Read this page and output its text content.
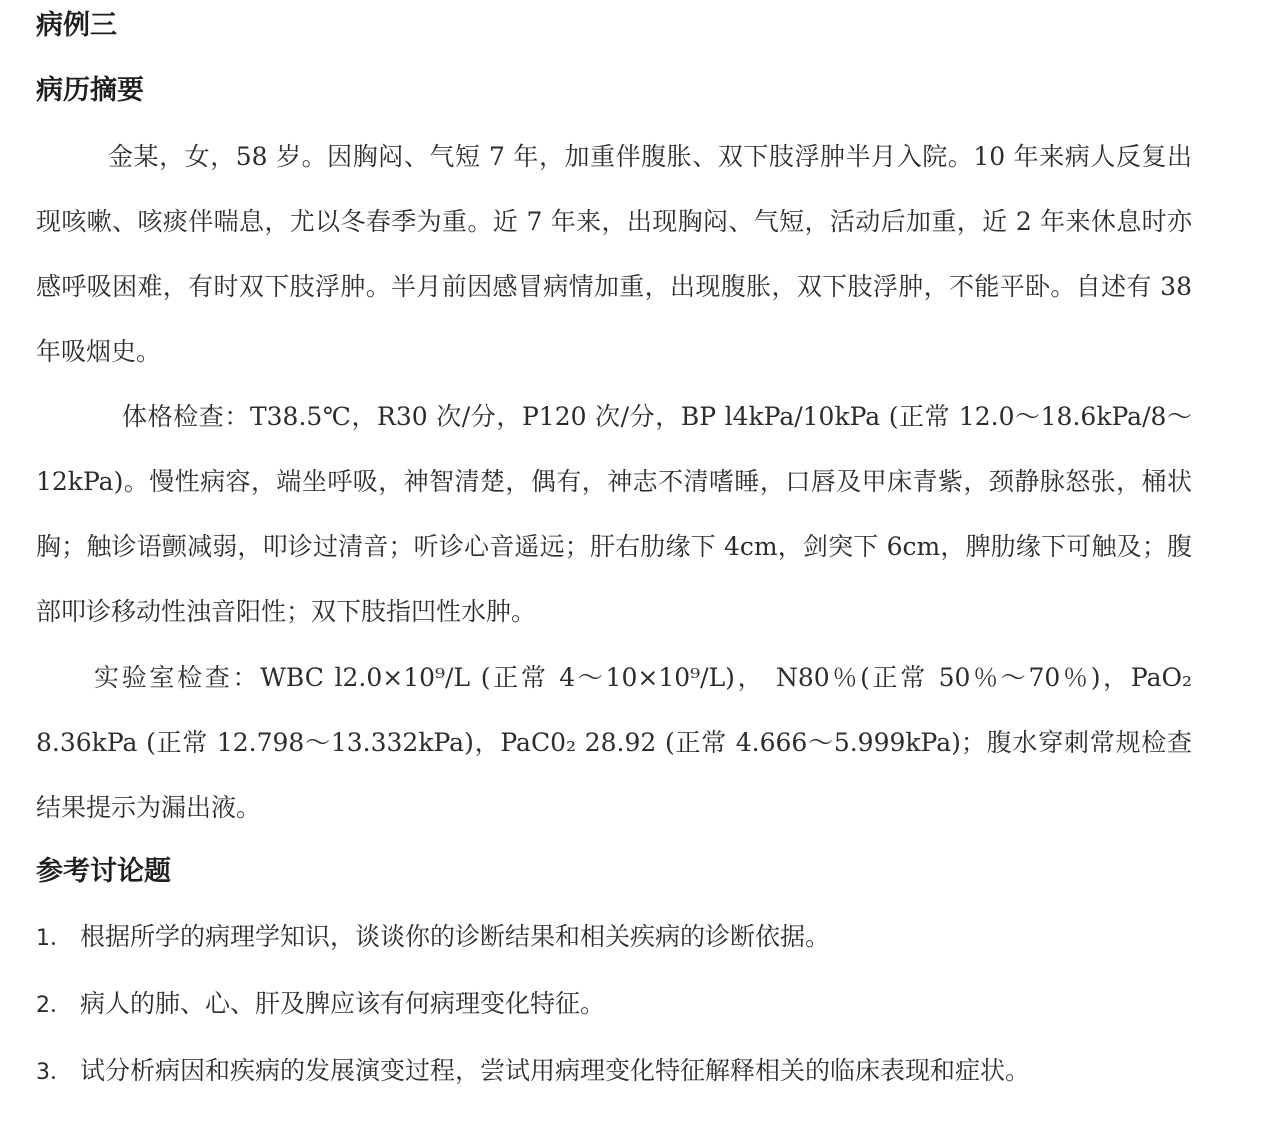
病例三
病历摘要
金某，女，58 岁。因胸闷、气短 7 年，加重伴腹胀、双下肢浮肿半月入院。10 年来病人反复出现咳嗽、咳痰伴喘息，尤以冬春季为重。近 7 年来，出现胸闷、气短，活动后加重，近 2 年来休息时亦感呼吸困难，有时双下肢浮肿。半月前因感冒病情加重，出现腹胀，双下肢浮肿，不能平卧。自述有 38 年吸烟史。
体格检查：T38.5℃，R30 次/分，P120 次/分，BP l4kPa/10kPa (正常 12.0～18.6kPa/8～12kPa)。慢性病容，端坐呼吸，神智清楚，偶有，神志不清嗜睡，口唇及甲床青紫，颈静脉怒张，桶状胸；触诊语颤减弱，叩诊过清音；听诊心音遥远；肝右肋缘下 4cm，剑突下 6cm，脾肋缘下可触及；腹部叩诊移动性浊音阳性；双下肢指凹性水肿。
实验室检查：WBC l2.0×10⁹/L (正常 4～10×10⁹/L)， N80％(正常 50％～70％)，PaO₂ 8.36kPa (正常 12.798～13.332kPa)，PaC0₂ 28.92 (正常 4.666～5.999kPa)；腹水穿刺常规检查结果提示为漏出液。
参考讨论题
1． 根据所学的病理学知识，谈谈你的诊断结果和相关疾病的诊断依据。
2． 病人的肺、心、肝及脾应该有何病理变化特征。
3． 试分析病因和疾病的发展演变过程，尝试用病理变化特征解释相关的临床表现和症状。
